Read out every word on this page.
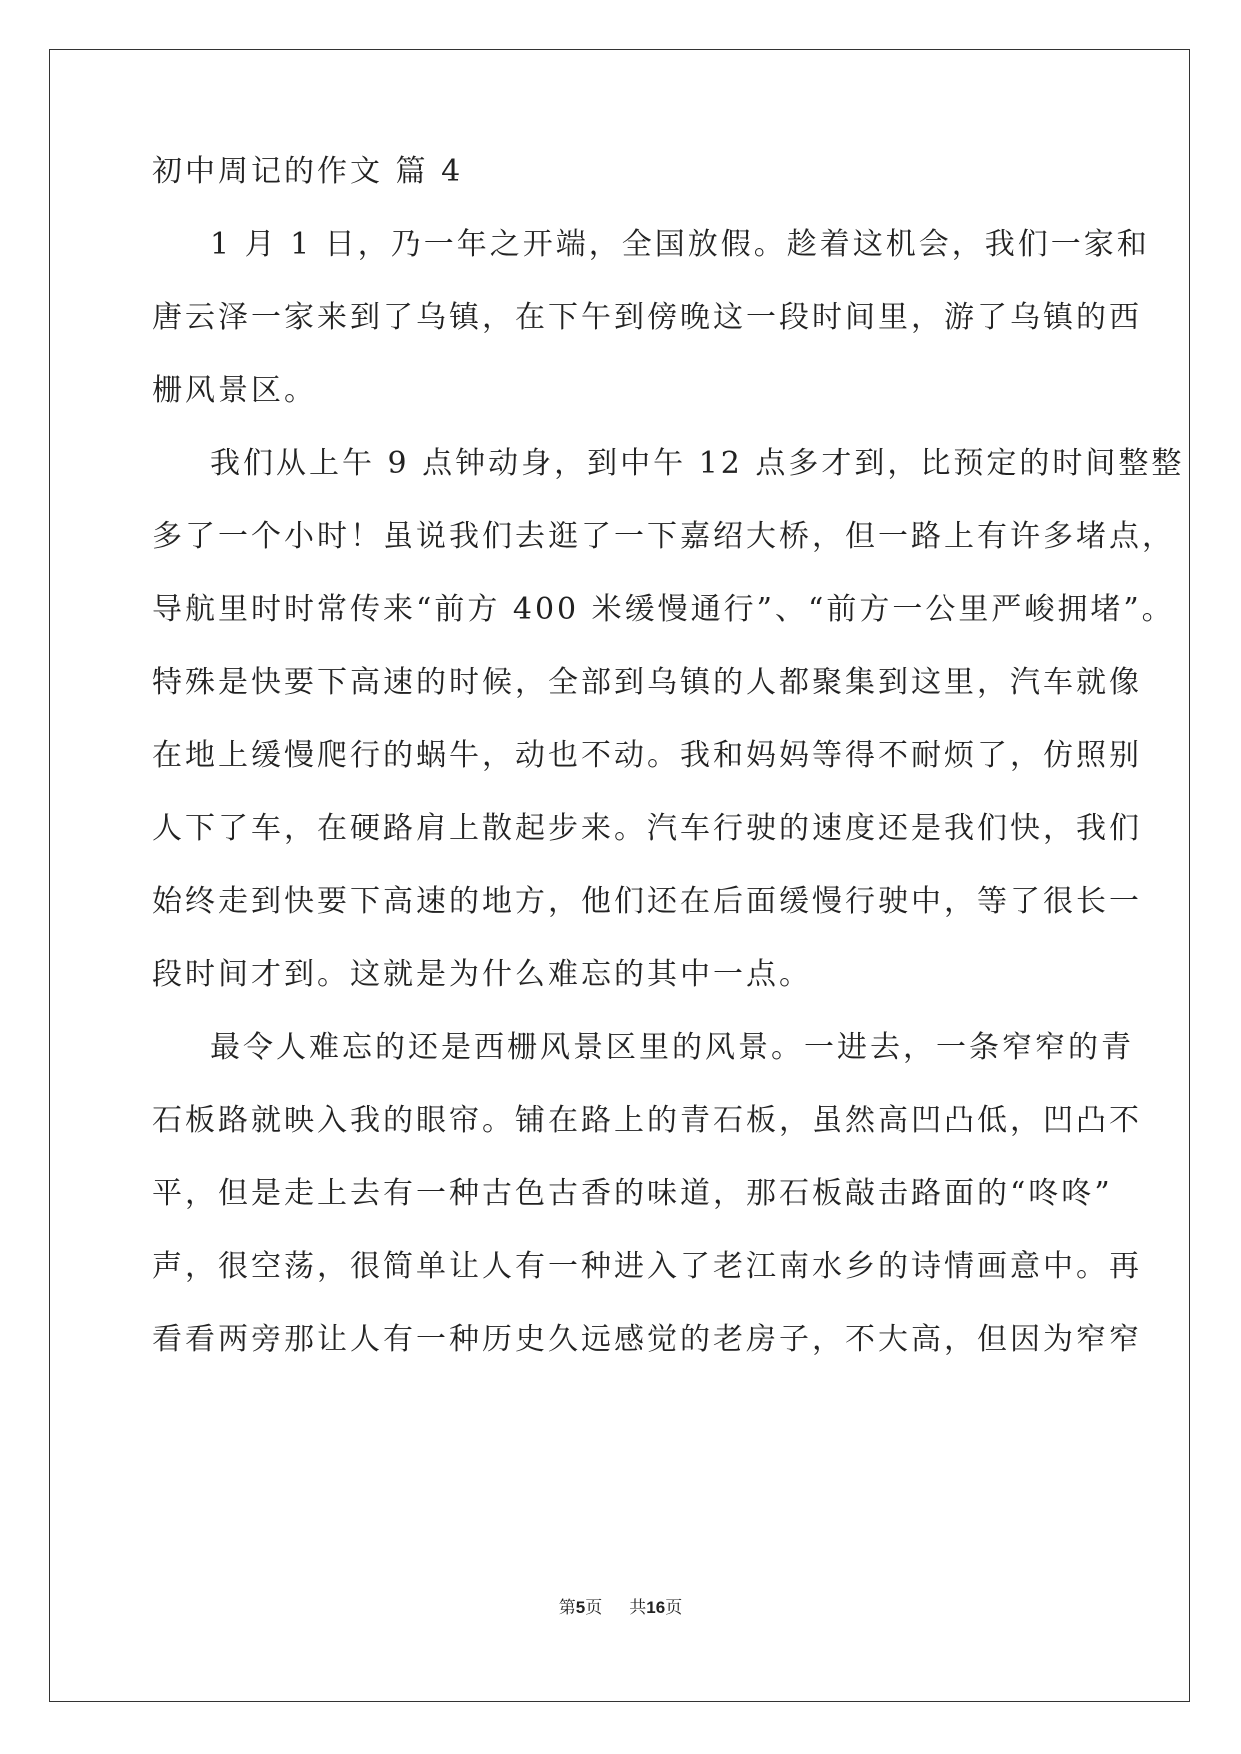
初中周记的作文 篇 4
1 月 1 日，乃一年之开端，全国放假。趁着这机会，我们一家和
唐云泽一家来到了乌镇，在下午到傍晚这一段时间里，游了乌镇的西
栅风景区。
我们从上午 9 点钟动身，到中午 12 点多才到，比预定的时间整整
多了一个小时！虽说我们去逛了一下嘉绍大桥，但一路上有许多堵点，
导航里时时常传来“前方 400 米缓慢通行”、“前方一公里严峻拥堵”。
特殊是快要下高速的时候，全部到乌镇的人都聚集到这里，汽车就像
在地上缓慢爬行的蜗牛，动也不动。我和妈妈等得不耐烦了，仿照别
人下了车，在硬路肩上散起步来。汽车行驶的速度还是我们快，我们
始终走到快要下高速的地方，他们还在后面缓慢行驶中，等了很长一
段时间才到。这就是为什么难忘的其中一点。
最令人难忘的还是西栅风景区里的风景。一进去，一条窄窄的青
石板路就映入我的眼帘。铺在路上的青石板，虽然高凹凸低，凹凸不
平，但是走上去有一种古色古香的味道，那石板敲击路面的“咚咚”
声，很空荡，很简单让人有一种进入了老江南水乡的诗情画意中。再
看看两旁那让人有一种历史久远感觉的老房子，不大高，但因为窄窄
第5页 共16页
